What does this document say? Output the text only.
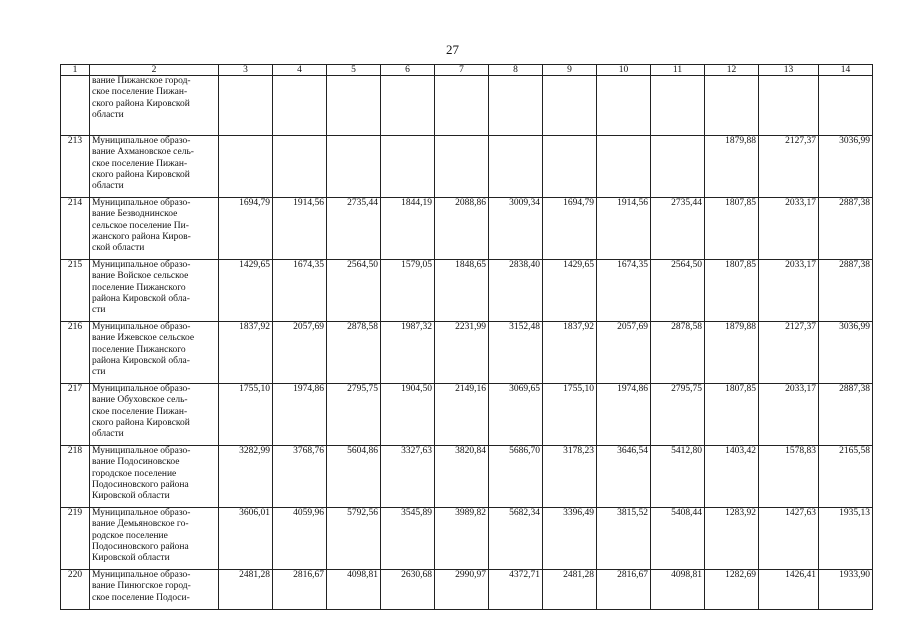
27
1	2	3	4	5	6	7	8	9	10	11	12	13	14
	вание Пижанское город-
ское поселение Пижан-
ского района Кировской
области												
213	Муниципальное образо-
вание Ахмановское сель-
ское поселение Пижан-
ского района Кировской
области										1879,88	2127,37	3036,99
214	Муниципальное образо-
вание Безводнинское
сельское поселение Пи-
жанского района Киров-
ской области	1694,79	1914,56	2735,44	1844,19	2088,86	3009,34	1694,79	1914,56	2735,44	1807,85	2033,17	2887,38
215	Муниципальное образо-
вание Войское сельское
поселение Пижанского
района Кировской обла-
сти	1429,65	1674,35	2564,50	1579,05	1848,65	2838,40	1429,65	1674,35	2564,50	1807,85	2033,17	2887,38
216	Муниципальное образо-
вание Ижевское сельское
поселение Пижанского
района Кировской обла-
сти	1837,92	2057,69	2878,58	1987,32	2231,99	3152,48	1837,92	2057,69	2878,58	1879,88	2127,37	3036,99
217	Муниципальное образо-
вание Обуховское сель-
ское поселение Пижан-
ского района Кировской
области	1755,10	1974,86	2795,75	1904,50	2149,16	3069,65	1755,10	1974,86	2795,75	1807,85	2033,17	2887,38
218	Муниципальное образо-
вание Подосиновское
городское поселение
Подосиновского района
Кировской области	3282,99	3768,76	5604,86	3327,63	3820,84	5686,70	3178,23	3646,54	5412,80	1403,42	1578,83	2165,58
219	Муниципальное образо-
вание Демьяновское го-
родское поселение
Подосиновского района
Кировской области	3606,01	4059,96	5792,56	3545,89	3989,82	5682,34	3396,49	3815,52	5408,44	1283,92	1427,63	1935,13
220	Муниципальное образо-
вание Пинюгское город-
ское поселение Подоси-	2481,28	2816,67	4098,81	2630,68	2990,97	4372,71	2481,28	2816,67	4098,81	1282,69	1426,41	1933,90
